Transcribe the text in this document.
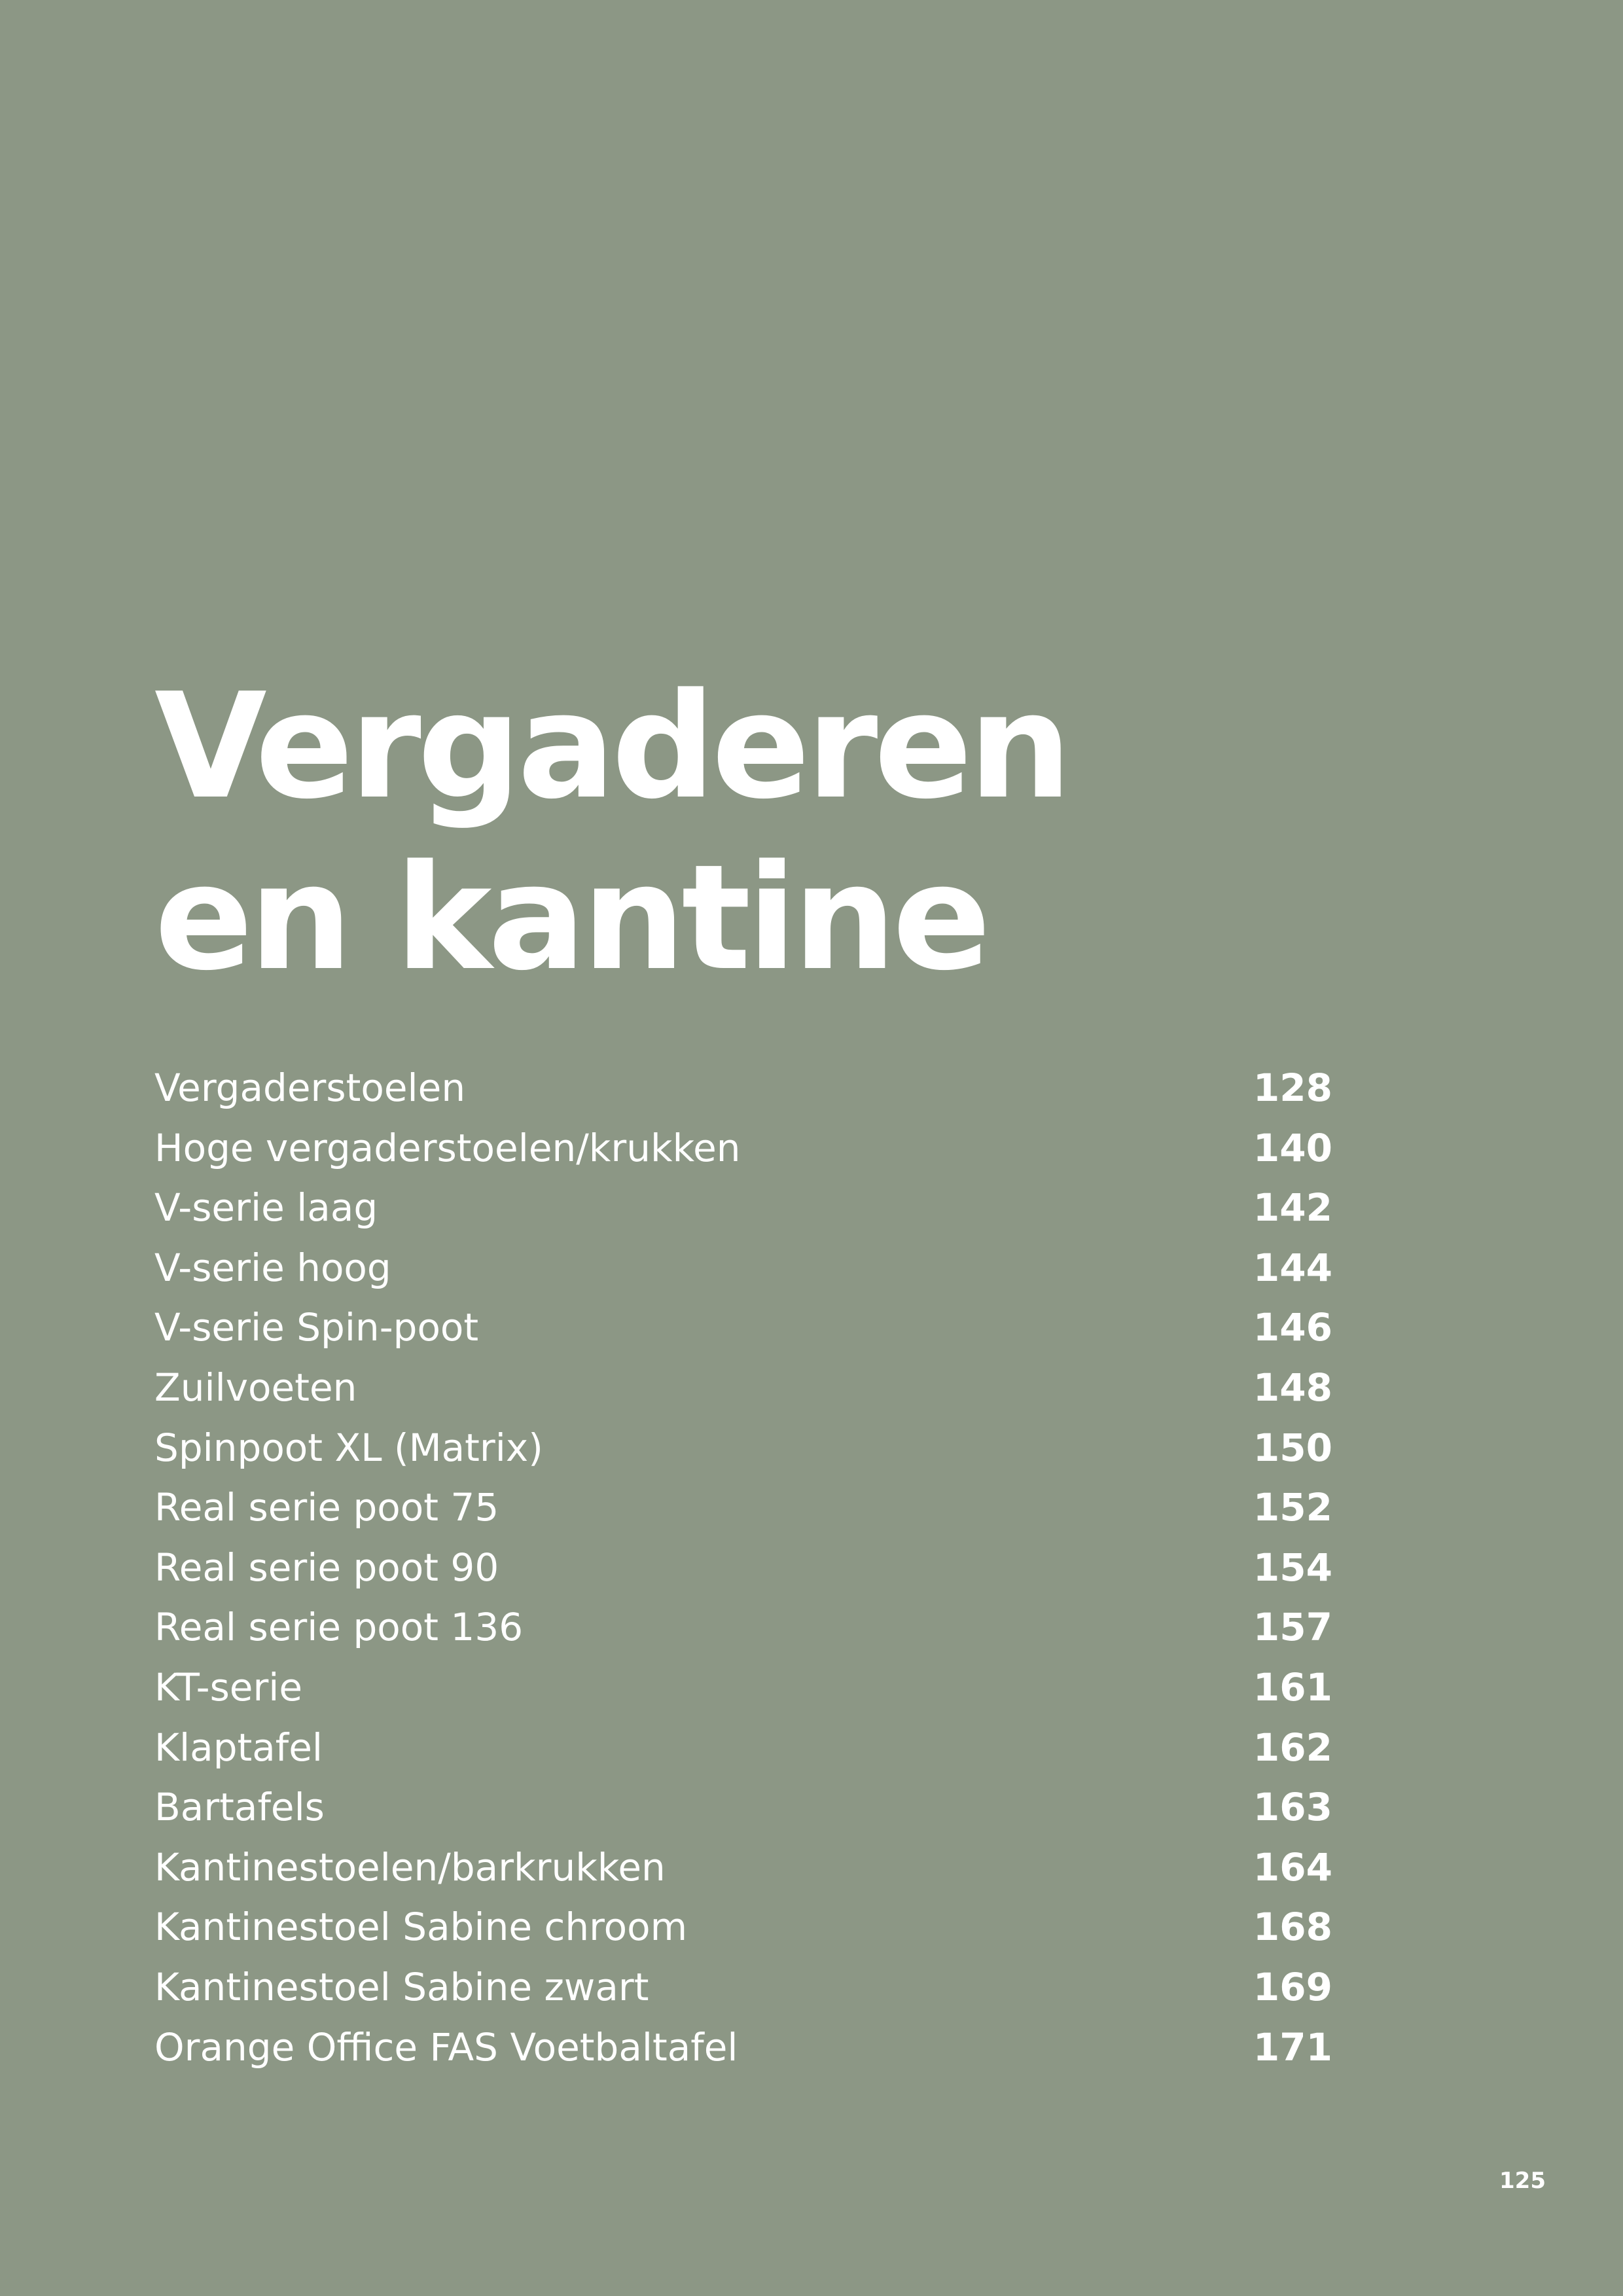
Vergaderen
en kantine
Vergaderstoelen	128
Hoge vergaderstoelen/krukken	140
V-serie laag	142
V-serie hoog	144
V-serie Spin-poot	146
Zuilvoeten	148
Spinpoot XL (Matrix)	150
Real serie poot 75	152
Real serie poot 90	154
Real serie poot 136	157
KT-serie	161
Klaptafel	162
Bartafels	163
Kantinestoelen/barkrukken	164
Kantinestoel Sabine chroom	168
Kantinestoel Sabine zwart	169
Orange Office FAS Voetbaltafel	171
125
